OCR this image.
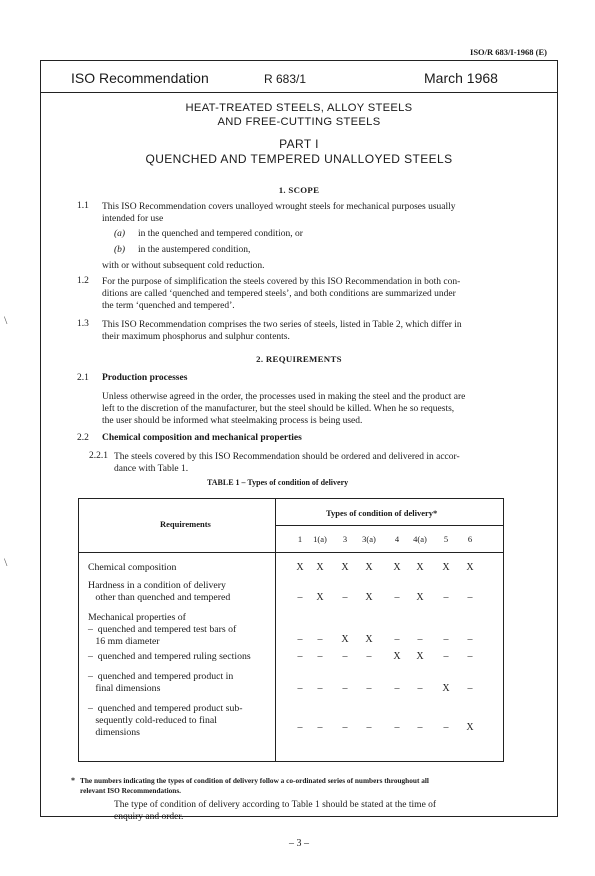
ISO/R 683/I-1968 (E)
ISO Recommendation	R 683/1	March 1968
HEAT-TREATED STEELS, ALLOY STEELS
AND FREE-CUTTING STEELS
PART I
QUENCHED AND TEMPERED UNALLOYED STEELS
1. SCOPE
1.1 This ISO Recommendation covers unalloyed wrought steels for mechanical purposes usually
intended for use
(a) in the quenched and tempered condition, or
(b) in the austempered condition,
with or without subsequent cold reduction.
1.2 For the purpose of simplification the steels covered by this ISO Recommendation in both con-
ditions are called ‘quenched and tempered steels’, and both conditions are summarized under
the term ‘quenched and tempered’.
1.3 This ISO Recommendation comprises the two series of steels, listed in Table 2, which differ in
their maximum phosphorus and sulphur contents.
2. REQUIREMENTS
2.1 Production processes
Unless otherwise agreed in the order, the processes used in making the steel and the product are
left to the discretion of the manufacturer, but the steel should be killed. When he so requests,
the user should be informed what steelmaking process is being used.
2.2 Chemical composition and mechanical properties
2.2.1 The steels covered by this ISO Recommendation should be ordered and delivered in accor-
dance with Table 1.
TABLE 1 – Types of condition of delivery
Requirements
Types of condition of delivery*
1	1(a)	3	3(a)	4	4(a)	5	6
Chemical composition	X	X	X	X	X	X	X	X
Hardness in a condition of delivery
other than quenched and tempered	–	X	–	X	–	X	–	–
Mechanical properties of
–  quenched and tempered test bars of
16 mm diameter	–	–	X	X	–	–	–	–
–  quenched and tempered ruling sections	–	–	–	–	X	X	–	–
–  quenched and tempered product in
final dimensions	–	–	–	–	–	–	X	–
–  quenched and tempered product sub-
sequently cold-reduced to final
dimensions	–	–	–	–	–	–	–	X
* The numbers indicating the types of condition of delivery follow a co-ordinated series of numbers throughout all
relevant ISO Recommendations.
The type of condition of delivery according to Table 1 should be stated at the time of
enquiry and order.
– 3 –
\
\
